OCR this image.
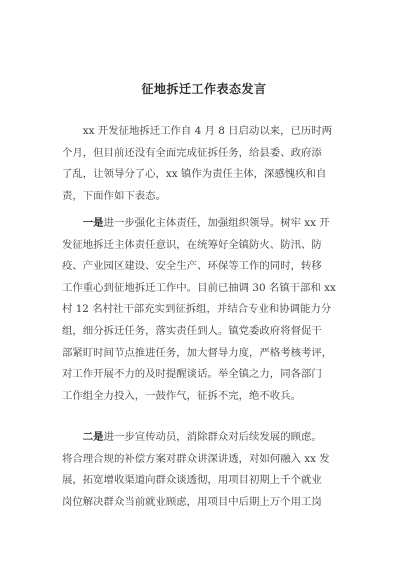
征地拆迁工作表态发言
　　xx 开发征地拆迁工作自 4 月 8 日启动以来，已历时两
个月，但目前还没有全面完成征拆任务，给县委、政府添
了乱，让领导分了心，xx 镇作为责任主体，深感愧疚和自
责，下面作如下表态。
　　一是进一步强化主体责任，加强组织领导。树牢 xx 开
发征地拆迁主体责任意识，在统筹好全镇防火、防汛、防
疫、产业园区建设、安全生产、环保等工作的同时，转移
工作重心到征地拆迁工作中。目前已抽调 30 名镇干部和 xx
村 12 名村社干部充实到征拆组，并结合专业和协调能力分
组，细分拆迁任务，落实责任到人。镇党委政府将督促干
部紧盯时间节点推进任务，加大督导力度，严格考核考评，
对工作开展不力的及时提醒谈话。举全镇之力，同各部门
工作组全力投入，一鼓作气，征拆不完，绝不收兵。
　　二是进一步宣传动员，消除群众对后续发展的顾虑。
将合理合规的补偿方案对群众讲深讲透，对如何融入 xx 发
展，拓宽增收渠道向群众谈透彻，用项目初期上千个就业
岗位解决群众当前就业顾虑，用项目中后期上万个用工岗
